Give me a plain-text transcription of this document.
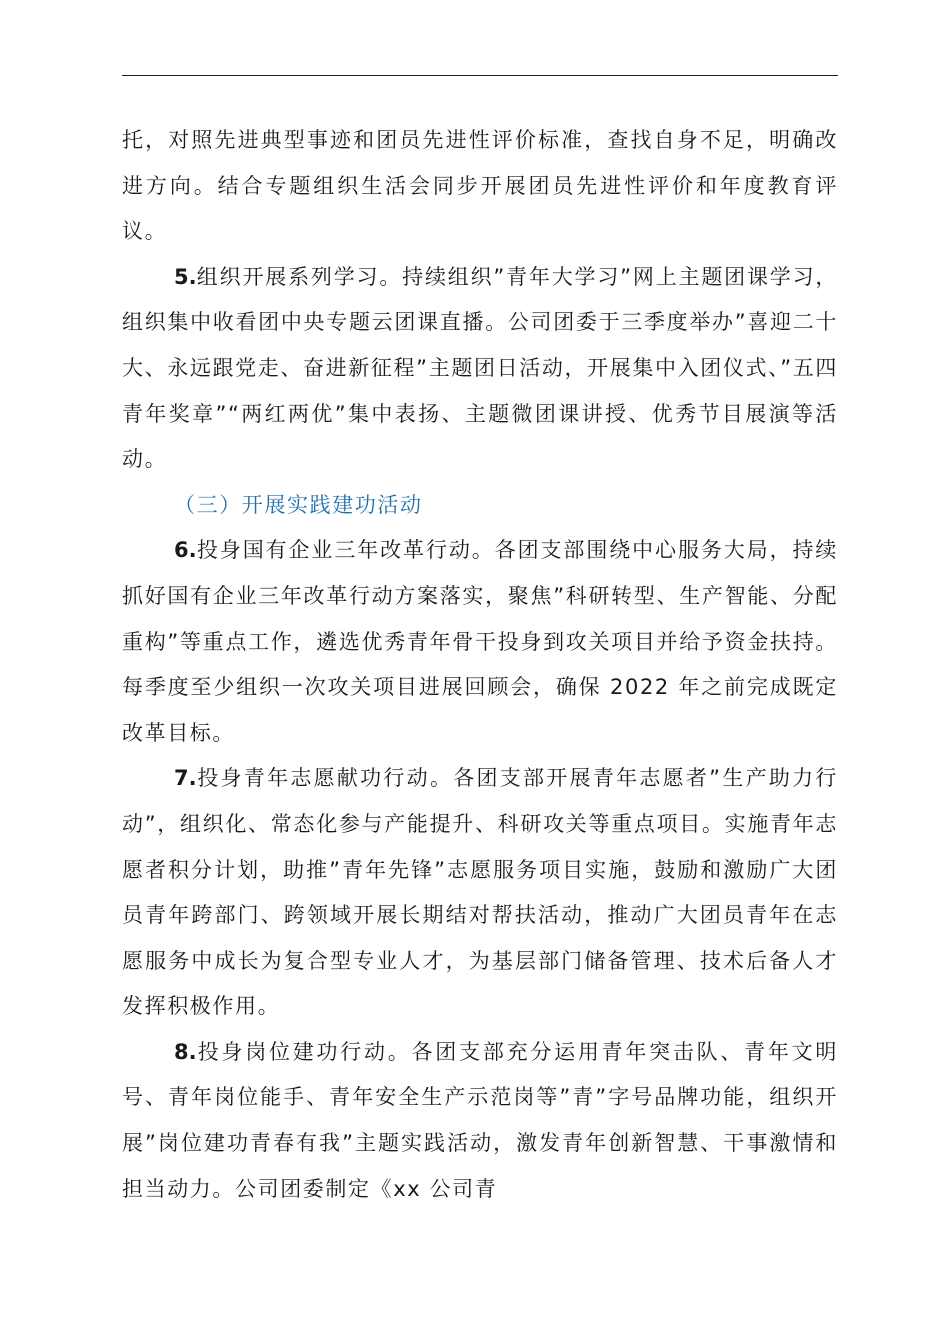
托，对照先进典型事迹和团员先进性评价标准，查找自身不足，明确改进方向。结合专题组织生活会同步开展团员先进性评价和年度教育评议。

5.组织开展系列学习。持续组织”青年大学习”网上主题团课学习，组织集中收看团中央专题云团课直播。公司团委于三季度举办”喜迎二十大、永远跟党走、奋进新征程”主题团日活动，开展集中入团仪式、”五四青年奖章”“两红两优”集中表扬、主题微团课讲授、优秀节目展演等活动。

（三）开展实践建功活动

6.投身国有企业三年改革行动。各团支部围绕中心服务大局，持续抓好国有企业三年改革行动方案落实，聚焦”科研转型、生产智能、分配重构”等重点工作，遴选优秀青年骨干投身到攻关项目并给予资金扶持。每季度至少组织一次攻关项目进展回顾会，确保 2022 年之前完成既定改革目标。

7.投身青年志愿献功行动。各团支部开展青年志愿者”生产助力行动”，组织化、常态化参与产能提升、科研攻关等重点项目。实施青年志愿者积分计划，助推”青年先锋”志愿服务项目实施，鼓励和激励广大团员青年跨部门、跨领域开展长期结对帮扶活动，推动广大团员青年在志愿服务中成长为复合型专业人才，为基层部门储备管理、技术后备人才发挥积极作用。

8.投身岗位建功行动。各团支部充分运用青年突击队、青年文明号、青年岗位能手、青年安全生产示范岗等”青”字号品牌功能，组织开展”岗位建功青春有我”主题实践活动，激发青年创新智慧、干事激情和担当动力。公司团委制定《xx 公司青
